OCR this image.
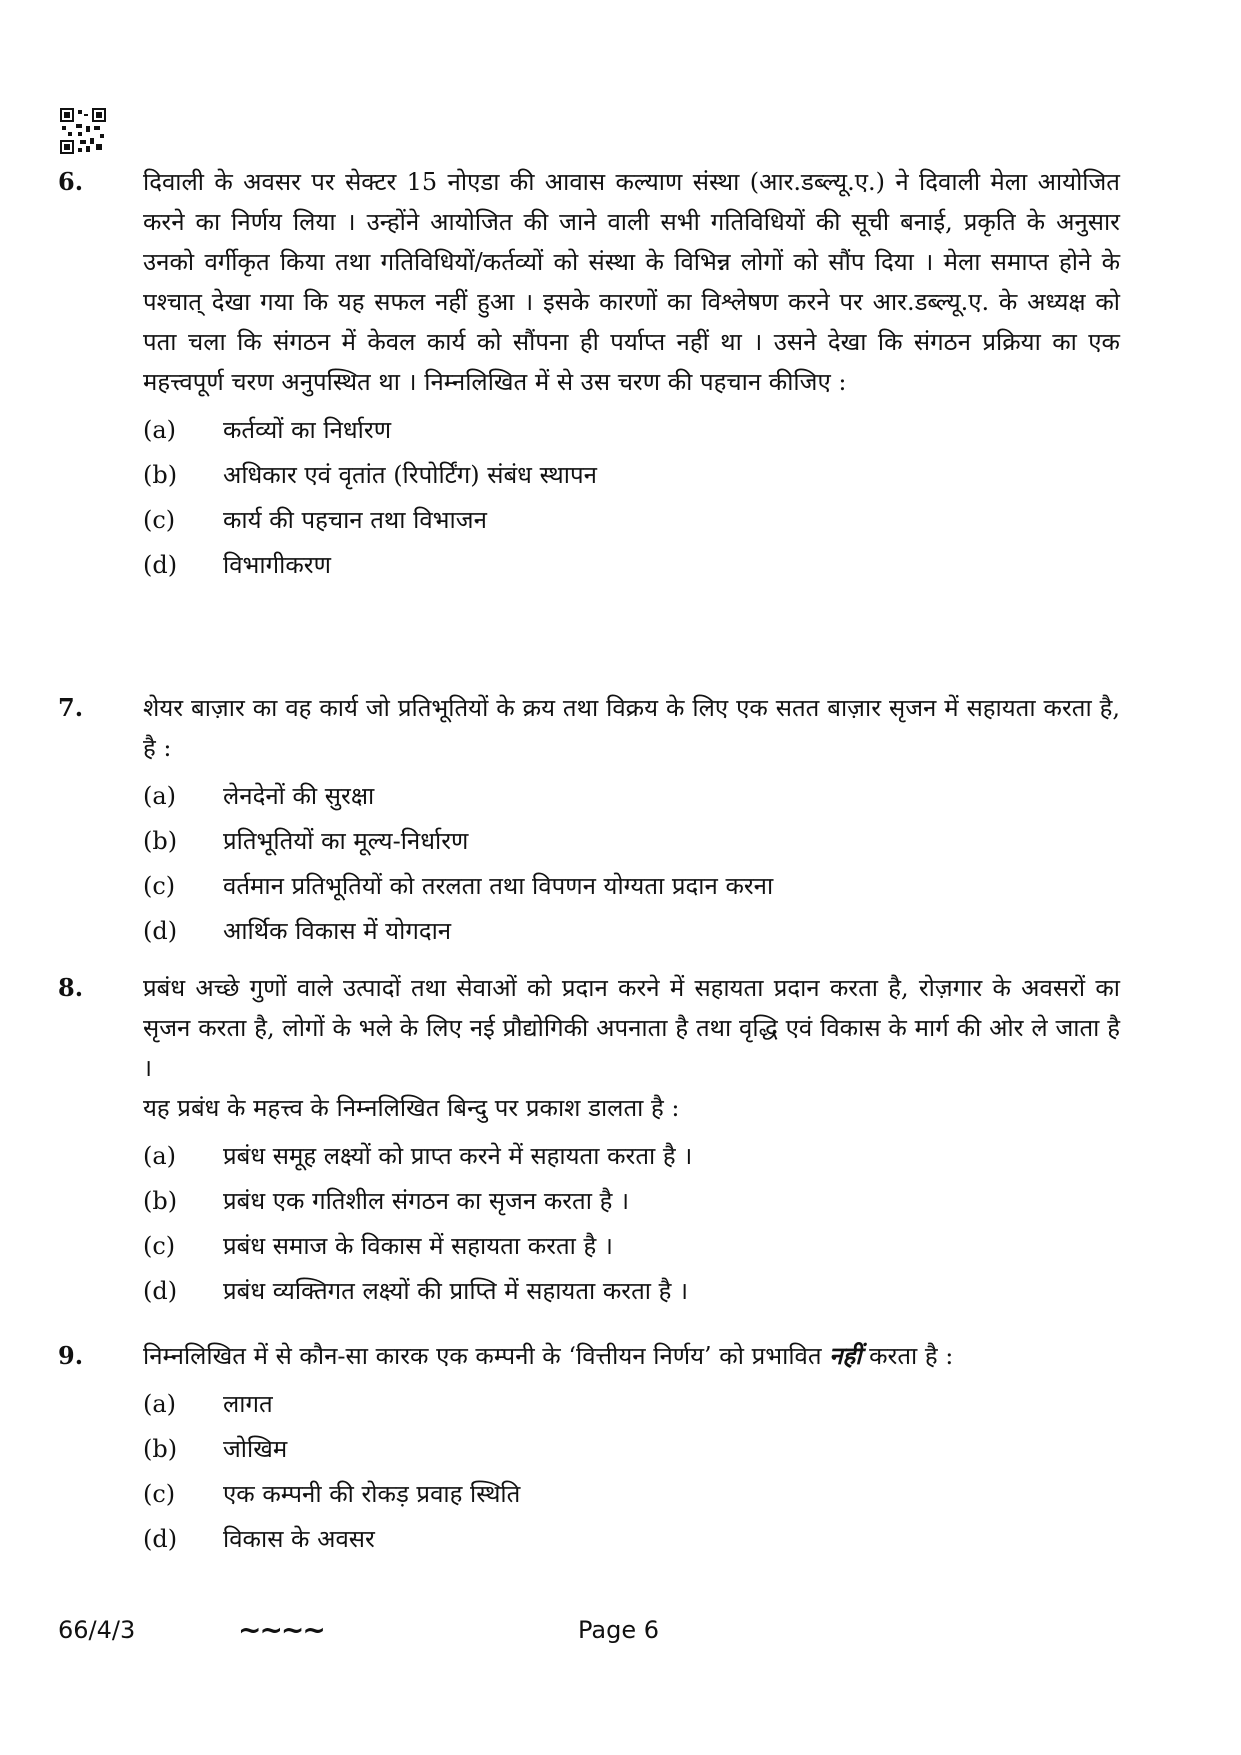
6. दिवाली के अवसर पर सेक्टर 15 नोएडा की आवास कल्याण संस्था (आर.डब्ल्यू.ए.) ने दिवाली मेला आयोजित करने का निर्णय लिया । उन्होंने आयोजित की जाने वाली सभी गतिविधियों की सूची बनाई, प्रकृति के अनुसार उनको वर्गीकृत किया तथा गतिविधियों/कर्तव्यों को संस्था के विभिन्न लोगों को सौंप दिया । मेला समाप्त होने के पश्चात् देखा गया कि यह सफल नहीं हुआ । इसके कारणों का विश्लेषण करने पर आर.डब्ल्यू.ए. के अध्यक्ष को पता चला कि संगठन में केवल कार्य को सौंपना ही पर्याप्त नहीं था । उसने देखा कि संगठन प्रक्रिया का एक महत्त्वपूर्ण चरण अनुपस्थित था । निम्नलिखित में से उस चरण की पहचान कीजिए :

(a)	कर्तव्यों का निर्धारण
(b)	अधिकार एवं वृतांत (रिपोर्टिंग) संबंध स्थापन
(c)	कार्य की पहचान तथा विभाजन
(d)	विभागीकरण
7. शेयर बाज़ार का वह कार्य जो प्रतिभूतियों के क्रय तथा विक्रय के लिए एक सतत बाज़ार सृजन में सहायता करता है, है :

(a)	लेनदेनों की सुरक्षा
(b)	प्रतिभूतियों का मूल्य-निर्धारण
(c)	वर्तमान प्रतिभूतियों को तरलता तथा विपणन योग्यता प्रदान करना
(d)	आर्थिक विकास में योगदान
8. प्रबंध अच्छे गुणों वाले उत्पादों तथा सेवाओं को प्रदान करने में सहायता प्रदान करता है, रोज़गार के अवसरों का सृजन करता है, लोगों के भले के लिए नई प्रौद्योगिकी अपनाता है तथा वृद्धि एवं विकास के मार्ग की ओर ले जाता है ।

यह प्रबंध के महत्त्व के निम्नलिखित बिन्दु पर प्रकाश डालता है :

(a)	प्रबंध समूह लक्ष्यों को प्राप्त करने में सहायता करता है ।
(b)	प्रबंध एक गतिशील संगठन का सृजन करता है ।
(c)	प्रबंध समाज के विकास में सहायता करता है ।
(d)	प्रबंध व्यक्तिगत लक्ष्यों की प्राप्ति में सहायता करता है ।
9. निम्नलिखित में से कौन-सा कारक एक कम्पनी के ‘वित्तीयन निर्णय’ को प्रभावित नहीं करता है :

(a)	लागत
(b)	जोखिम
(c)	एक कम्पनी की रोकड़ प्रवाह स्थिति
(d)	विकास के अवसर
66/4/3	~~~~	Page 6
